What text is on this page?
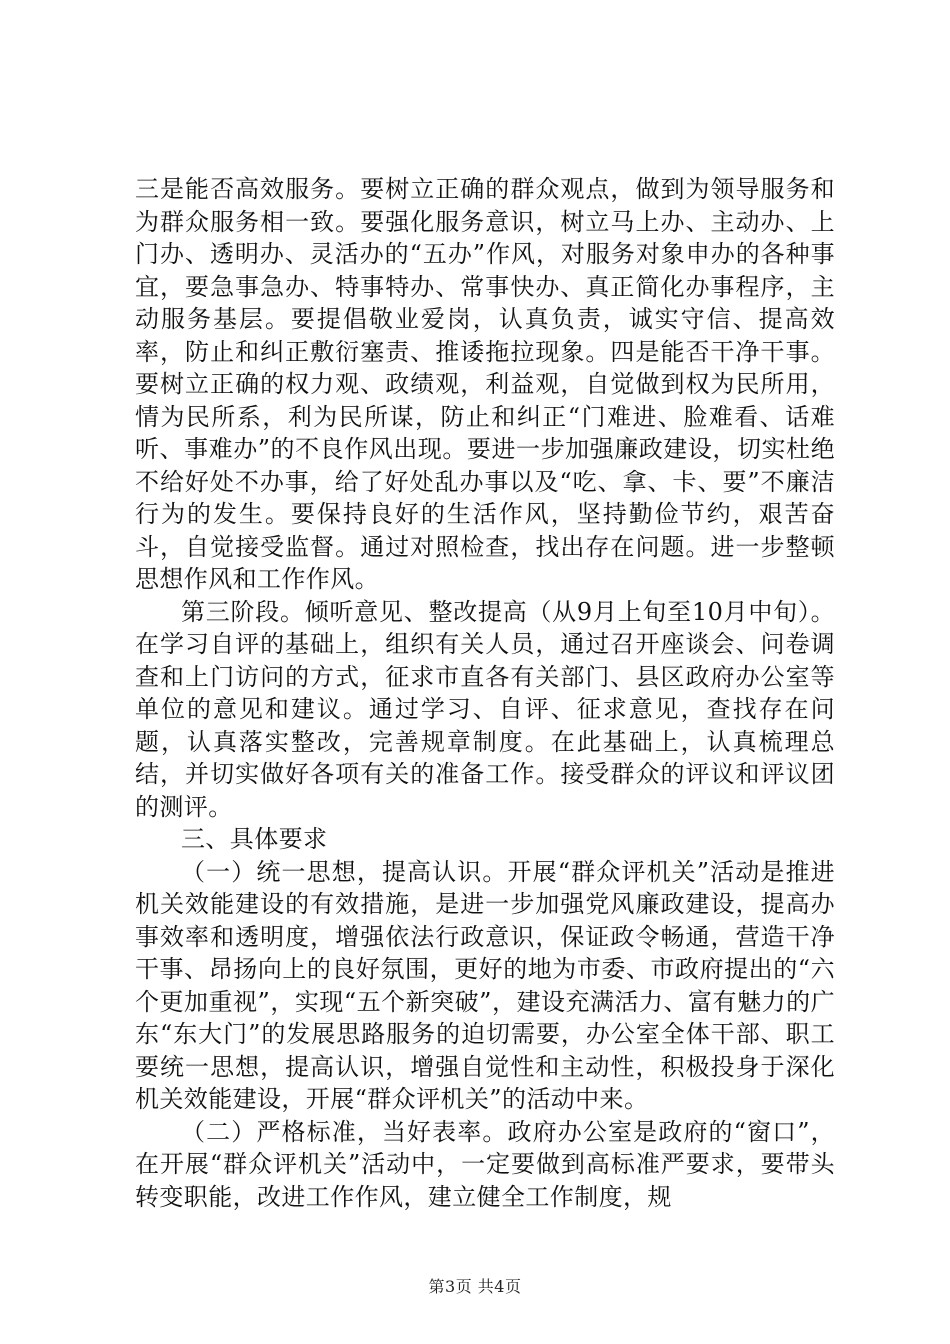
三是能否高效服务。要树立正确的群众观点，做到为领导服务和为群众服务相一致。要强化服务意识，树立马上办、主动办、上门办、透明办、灵活办的“五办”作风，对服务对象申办的各种事宜，要急事急办、特事特办、常事快办、真正简化办事程序，主动服务基层。要提倡敬业爱岗，认真负责，诚实守信、提高效率，防止和纠正敷衍塞责、推诿拖拉现象。四是能否干净干事。要树立正确的权力观、政绩观，利益观，自觉做到权为民所用，情为民所系，利为民所谋，防止和纠正“门难进、脸难看、话难听、事难办”的不良作风出现。要进一步加强廉政建设，切实杜绝不给好处不办事，给了好处乱办事以及“吃、拿、卡、要”不廉洁行为的发生。要保持良好的生活作风，坚持勤俭节约，艰苦奋斗，自觉接受监督。通过对照检查，找出存在问题。进一步整顿思想作风和工作作风。

第三阶段。倾听意见、整改提高（从9月上旬至10月中旬）。在学习自评的基础上，组织有关人员，通过召开座谈会、问卷调查和上门访问的方式，征求市直各有关部门、县区政府办公室等单位的意见和建议。通过学习、自评、征求意见，查找存在问题，认真落实整改，完善规章制度。在此基础上，认真梳理总结，并切实做好各项有关的准备工作。接受群众的评议和评议团的测评。

三、具体要求

（一）统一思想，提高认识。开展“群众评机关”活动是推进机关效能建设的有效措施，是进一步加强党风廉政建设，提高办事效率和透明度，增强依法行政意识，保证政令畅通，营造干净干事、昂扬向上的良好氛围，更好的地为市委、市政府提出的“六个更加重视”，实现“五个新突破”，建设充满活力、富有魅力的广东“东大门”的发展思路服务的迫切需要，办公室全体干部、职工要统一思想，提高认识，增强自觉性和主动性，积极投身于深化机关效能建设，开展“群众评机关”的活动中来。

（二）严格标准，当好表率。政府办公室是政府的“窗口”，在开展“群众评机关”活动中，一定要做到高标准严要求，要带头转变职能，改进工作作风，建立健全工作制度，规

第3页 共4页
